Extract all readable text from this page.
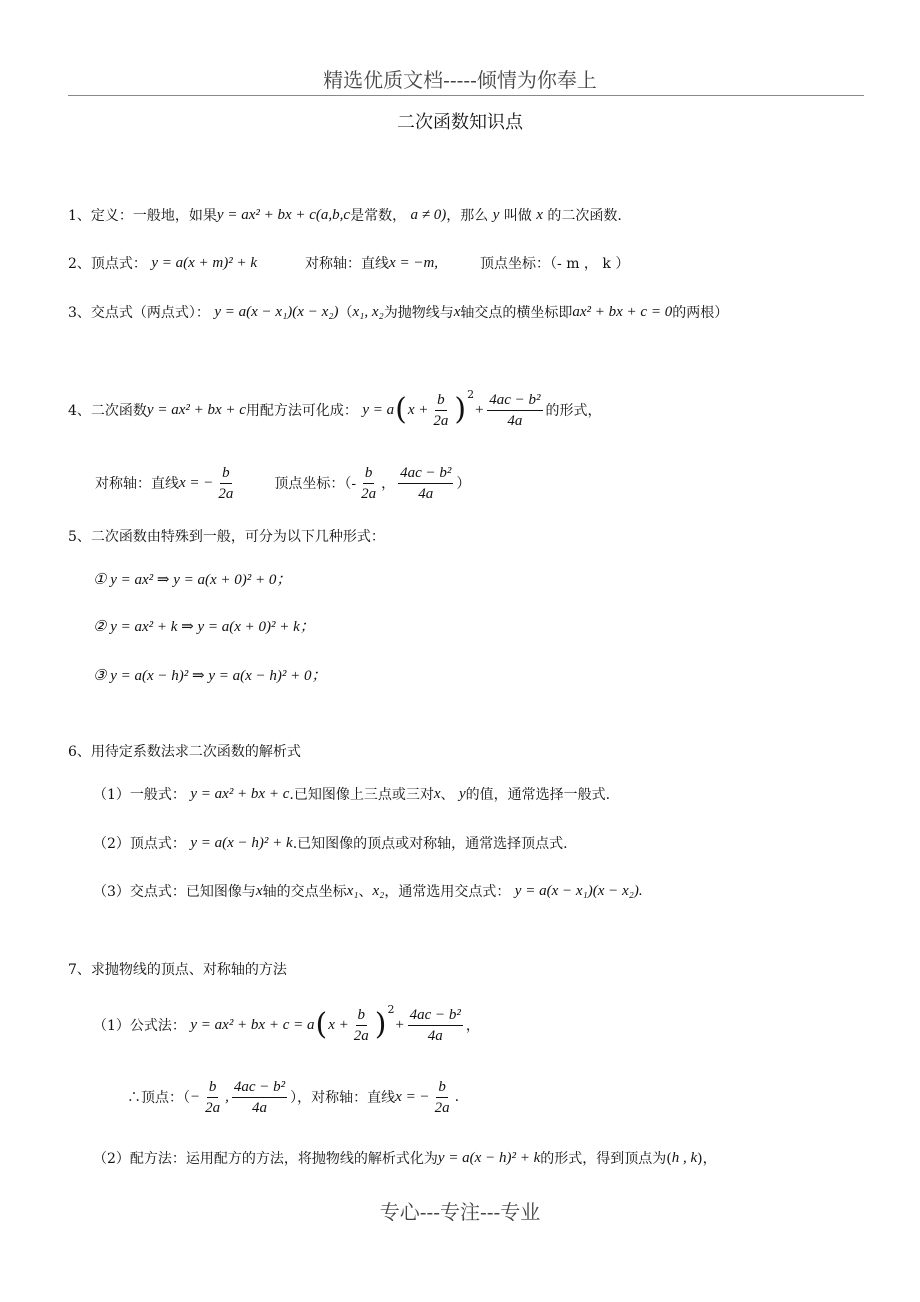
精选优质文档-----倾情为你奉上
二次函数知识点
1、定义：一般地，如果 y = ax² + bx + c(a,b,c 是常数，
a ≠ 0) ，那么
y
叫做
x
的二次函数.
2、顶点式：
y = a(x + m)² + k	对称轴：直线 x = −m,	顶点坐标：（- m ， k ）
3、交点式（两点式）：
y = a(x − x₁)(x − x₂) （ x₁, x₂ 为抛物线与 x 轴交点的横坐标即 ax² + bx + c = 0 的两根）
4、二次函数 y = ax² + bx + c 用配方法可化成：
y = a ( $x + \frac{b}{2a}$ ) 2
+ $\frac{\text{4ac − b²}}{4a}$ 的形式，
对称轴：直线 x = − $\frac{b}{2a}$	顶点坐标：（- $\frac{b}{2a}$ ， $\frac{\text{4ac − b²}}{4a}$ ）
5、二次函数由特殊到一般，可分为以下几种形式：
① y = ax² ⇒ y = a(x + 0)² + 0；
② y = ax² + k ⇒ y = a(x + 0)² + k；
③ y = a(x − h)² ⇒ y = a(x − h)² + 0；
6、用待定系数法求二次函数的解析式
（1）一般式：
y = ax² + bx + c .已知图像上三点或三对 x 、
y 的值，通常选择一般式.
（2）顶点式：
y = a(x − h)² + k .已知图像的顶点或对称轴，通常选择顶点式.
（3）交点式：已知图像与 x 轴的交点坐标 x₁ 、 x₂ ，通常选用交点式：
y = a(x − x₁)(x − x₂).
7、求抛物线的顶点、对称轴的方法
（1）公式法：
y = ax² + bx + c = a ( $x + \frac{b}{2a}$ ) 2
+ $\frac{\text{4ac − b²}}{4a}$ ，
∴顶点：（ − $\frac{b}{2a}$ , $\frac{\text{4ac − b²}}{4a}$ ），对称轴：直线 x = − $\frac{b}{2a}$ .
（2）配方法：运用配方的方法，将抛物线的解析式化为 y = a(x − h)² + k 的形式，得到顶点为( h , k )，
专心---专注---专业
